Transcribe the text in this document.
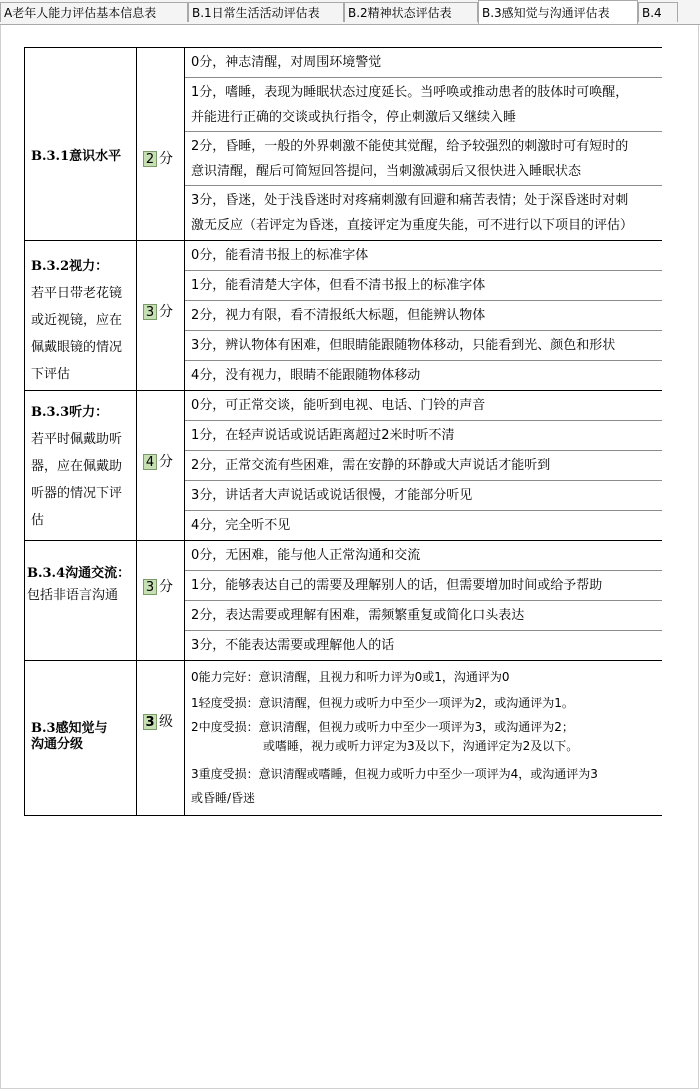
A老年人能力评估基本信息表	B.1日常生活活动评估表	B.2精神状态评估表	B.3感知觉与沟通评估表	B.4
B.3.1意识水平 2 分
0分，神志清醒，对周围环境警觉
1分，嗜睡，表现为睡眠状态过度延长。当呼唤或推动患者的肢体时可唤醒，
并能进行正确的交谈或执行指令，停止刺激后又继续入睡
2分，昏睡，一般的外界刺激不能使其觉醒，给予较强烈的刺激时可有短时的
意识清醒，醒后可简短回答提问，当刺激减弱后又很快进入睡眠状态
3分，昏迷，处于浅昏迷时对疼痛刺激有回避和痛苦表情；处于深昏迷时对刺
激无反应（若评定为昏迷，直接评定为重度失能，可不进行以下项目的评估）
B.3.2视力：
若平日带老花镜
或近视镜，应在
佩戴眼镜的情况
下评估
3 分
0分，能看清书报上的标准字体
1分，能看清楚大字体，但看不清书报上的标准字体
2分，视力有限，看不清报纸大标题，但能辨认物体
3分，辨认物体有困难，但眼睛能跟随物体移动，只能看到光、颜色和形状
4分，没有视力，眼睛不能跟随物体移动
B.3.3听力：
若平时佩戴助听
器，应在佩戴助
听器的情况下评
估
4 分
0分，可正常交谈，能听到电视、电话、门铃的声音
1分，在轻声说话或说话距离超过2米时听不清
2分，正常交流有些困难，需在安静的环静或大声说话才能听到
3分，讲话者大声说话或说话很慢，才能部分听见
4分，完全听不见
B.3.4沟通交流：
包括非语言沟通
3 分
0分，无困难，能与他人正常沟通和交流
1分，能够表达自己的需要及理解别人的话，但需要增加时间或给予帮助
2分，表达需要或理解有困难，需频繁重复或简化口头表达
3分，不能表达需要或理解他人的话
B.3感知觉与
沟通分级
3 级
0能力完好：意识清醒，且视力和听力评为0或1，沟通评为0
1轻度受损：意识清醒，但视力或听力中至少一项评为2，或沟通评为1。
2中度受损：意识清醒，但视力或听力中至少一项评为3，或沟通评为2；
或嗜睡，视力或听力评定为3及以下，沟通评定为2及以下。
3重度受损：意识清醒或嗜睡，但视力或听力中至少一项评为4，或沟通评为3
或昏睡/昏迷
